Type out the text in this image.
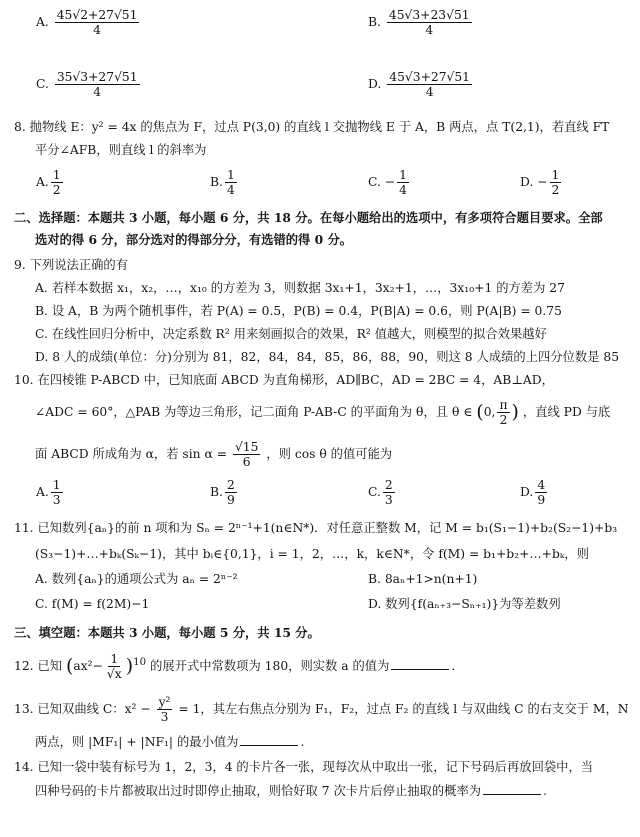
A. $\frac{45√2+27√51}{4}$	B. $\frac{45√3+23√51}{4}$
C. $\frac{35√3+27√51}{4}$	D. $\frac{45√3+27√51}{4}$
8. 抛物线 E：y² = 4x 的焦点为 F，过点 P(3,0) 的直线 l 交抛物线 E 于 A，B 两点，点 T(2,1)，若直线 FT
平分∠AFB，则直线 l 的斜率为
A. $\frac{1}{2}$	B. $\frac{1}{4}$	C. − $\frac{1}{4}$	D. − $\frac{1}{2}$
二、选择题：本题共 3 小题，每小题 6 分，共 18 分。在每小题给出的选项中，有多项符合题目要求。全部
选对的得 6 分，部分选对的得部分分，有选错的得 0 分。
9. 下列说法正确的有
A. 若样本数据 x₁，x₂，…，x₁₀ 的方差为 3，则数据 3x₁+1，3x₂+1，…，3x₁₀+1 的方差为 27
B. 设 A，B 为两个随机事件，若 P(A) = 0.5，P(B) = 0.4，P(B|A) = 0.6，则 P(A|B) = 0.75
C. 在线性回归分析中，决定系数 R² 用来刻画拟合的效果，R² 值越大，则模型的拟合效果越好
D. 8 人的成绩(单位：分)分别为 81，82，84，84，85，86，88，90，则这 8 人成绩的上四分位数是 85
10. 在四棱锥 P-ABCD 中，已知底面 ABCD 为直角梯形，AD∥BC，AD = 2BC = 4，AB⊥AD，
∠ADC = 60°，△PAB 为等边三角形，记二面角 P-AB-C 的平面角为 θ，且 θ ∈ (0, $\frac{\pi}{2}$ ) ，直线 PD 与底
面 ABCD 所成角为 α，若 $\sin \alpha = \frac{√15}{6}$ ，则 cos θ 的值可能为
A. $\frac{1}{3}$	B. $\frac{2}{9}$	C. $\frac{2}{3}$	D. $\frac{4}{9}$
11. 已知数列{aₙ}的前 n 项和为 Sₙ = 2ⁿ⁻¹+1(n∈N*)．对任意正整数 M，记 M = b₁(S₁−1)+b₂(S₂−1)+b₃
(S₃−1)+…+bₖ(Sₖ−1)，其中 bᵢ∈{0,1}，i = 1，2，…，k，k∈N*，令 f(M) = b₁+b₂+…+bₖ，则
A. 数列{aₙ}的通项公式为 aₙ = 2ⁿ⁻²	B. 8aₙ+1>n(n+1)
C. f(M) = f(2M)−1	D. 数列{f(aₙ₊₃−Sₙ₊₁)}为等差数列
三、填空题：本题共 3 小题，每小题 5 分，共 15 分。
12. 已知 $(ax^2- \frac{1}{√x} )^{10}$ 的展开式中常数项为 180，则实数 a 的值为	.
13. 已知双曲线 C：$x^2 - \frac{\text{y²}}{3} = 1$，其左右焦点分别为 F₁，F₂，过点 F₂ 的直线 l 与双曲线 C 的右支交于 M，N
两点，则 |MF₁| + |NF₁| 的最小值为	.
14. 已知一袋中装有标号为 1，2，3，4 的卡片各一张，现每次从中取出一张，记下号码后再放回袋中，当
四种号码的卡片都被取出过时即停止抽取，则恰好取 7 次卡片后停止抽取的概率为	.
